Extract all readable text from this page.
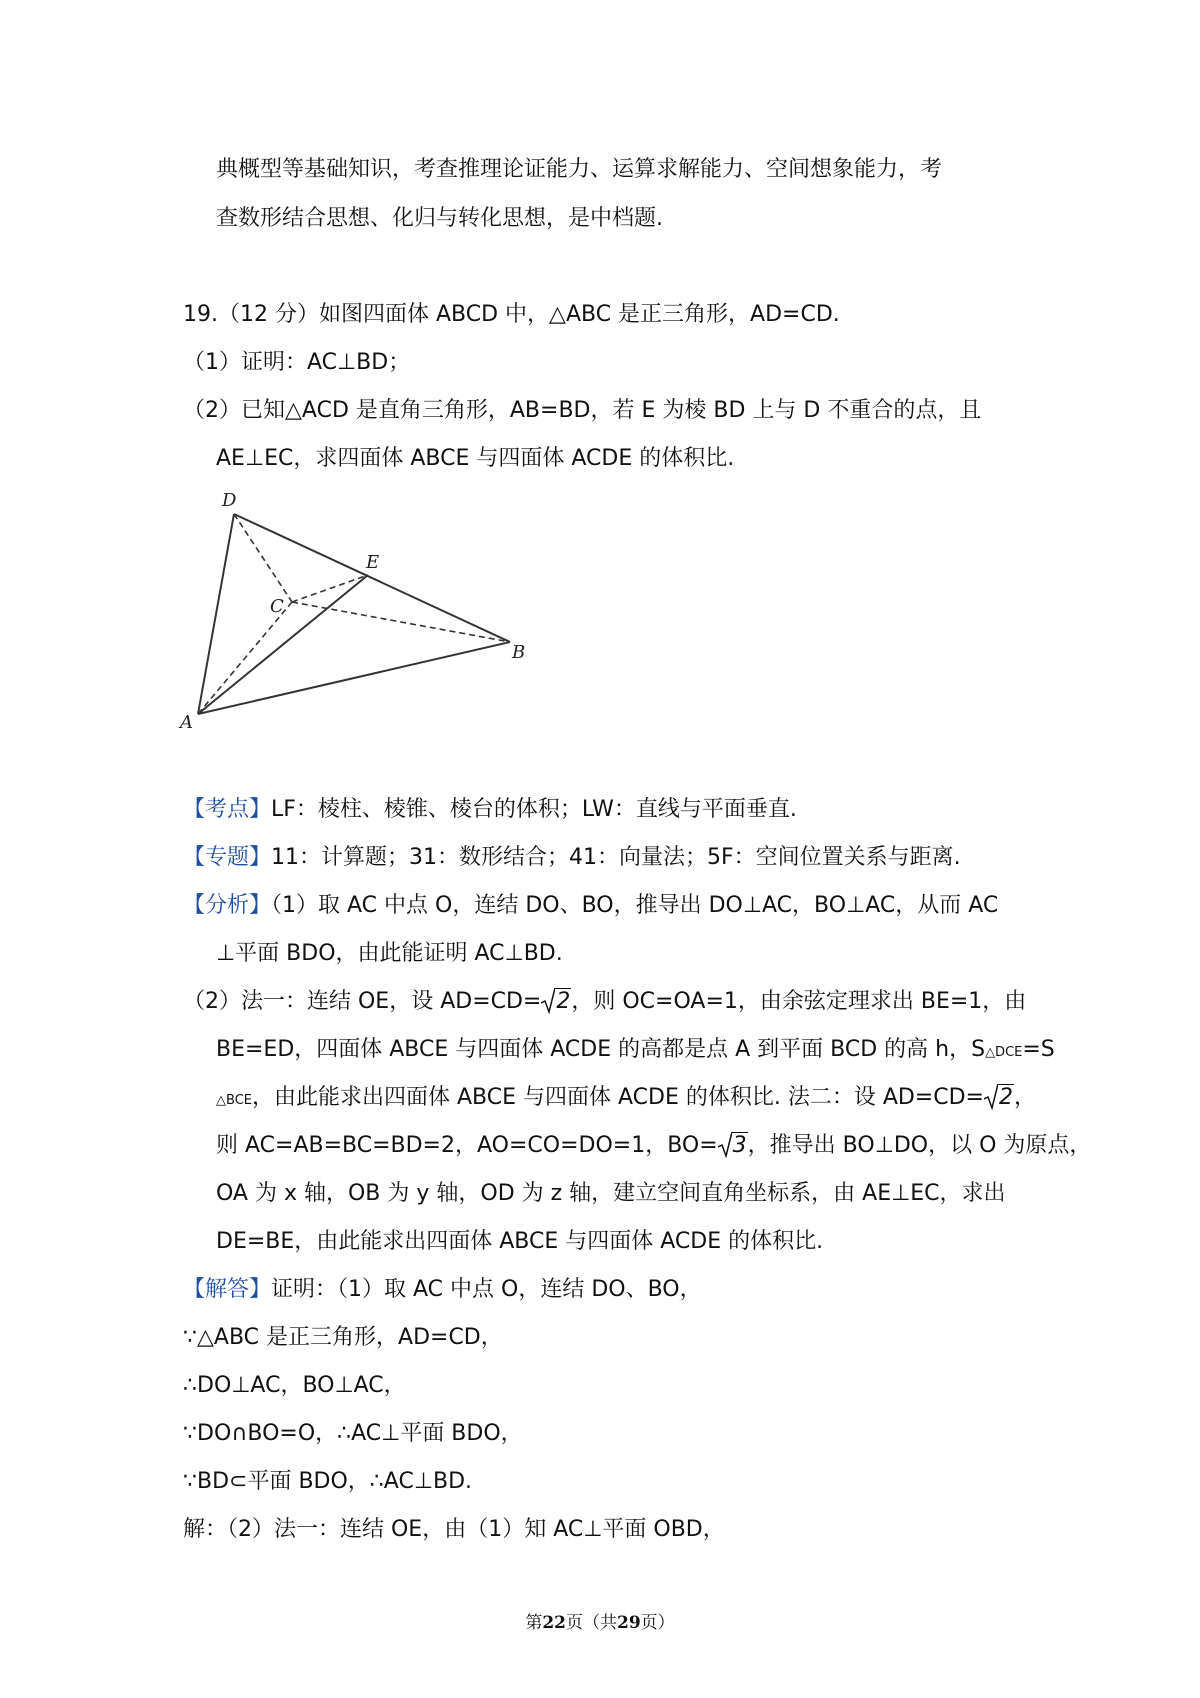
典概型等基础知识，考查推理论证能力、运算求解能力、空间想象能力，考
查数形结合思想、化归与转化思想，是中档题.
19.（12 分）如图四面体 ABCD 中，△ABC 是正三角形，AD=CD.
（1）证明：AC⊥BD；
（2）已知△ACD 是直角三角形，AB=BD，若 E 为棱 BD 上与 D 不重合的点，且
AE⊥EC，求四面体 ABCE 与四面体 ACDE 的体积比.
D
E
C
B
A
【考点】LF：棱柱、棱锥、棱台的体积；LW：直线与平面垂直.
【专题】11：计算题；31：数形结合；41：向量法；5F：空间位置关系与距离.
【分析】（1）取 AC 中点 O，连结 DO、BO，推导出 DO⊥AC，BO⊥AC，从而 AC
⊥平面 BDO，由此能证明 AC⊥BD.
（2）法一：连结 OE，设 AD=CD= 2，则 OC=OA=1，由余弦定理求出 BE=1，由
BE=ED，四面体 ABCE 与四面体 ACDE 的高都是点 A 到平面 BCD 的高 h，S△DCE=S
△BCE，由此能求出四面体 ABCE 与四面体 ACDE 的体积比. 法二：设 AD=CD= 2，
则 AC=AB=BC=BD=2，AO=CO=DO=1，BO= 3，推导出 BO⊥DO，以 O 为原点，
OA 为 x 轴，OB 为 y 轴，OD 为 z 轴，建立空间直角坐标系，由 AE⊥EC，求出
DE=BE，由此能求出四面体 ABCE 与四面体 ACDE 的体积比.
【解答】证明：（1）取 AC 中点 O，连结 DO、BO，
∵△ABC 是正三角形，AD=CD，
∴DO⊥AC，BO⊥AC，
∵DO∩BO=O，∴AC⊥平面 BDO，
∵BD⊂平面 BDO，∴AC⊥BD.
解：（2）法一：连结 OE，由（1）知 AC⊥平面 OBD，
第22页（共29页）
